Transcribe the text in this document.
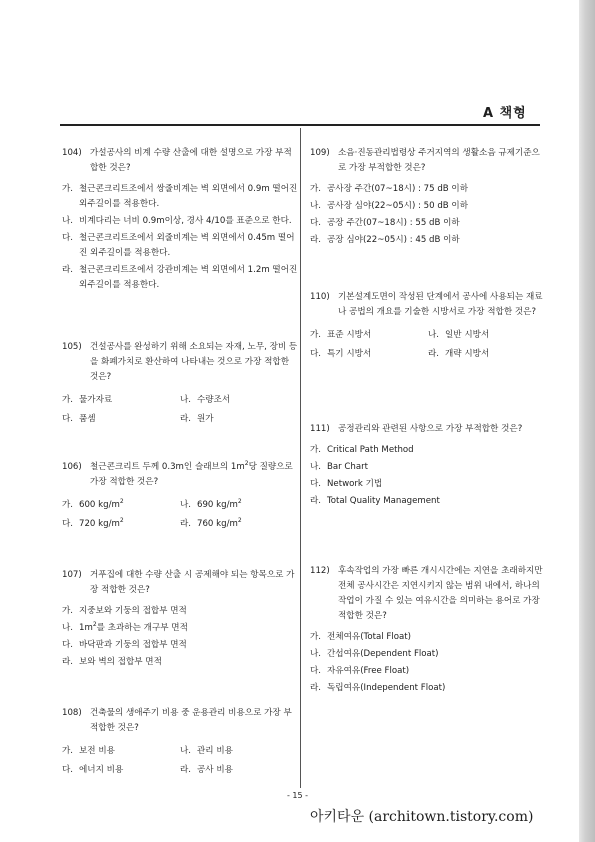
A 책형
104) 가설공사의 비계 수량 산출에 대한 설명으로 가장 부적합한 것은?
가. 철근콘크리트조에서 쌍줄비계는 벽 외면에서 0.9m 떨어진 외주길이를 적용한다.
나. 비계다리는 너비 0.9m이상, 경사 4/10를 표준으로 한다.
다. 철근콘크리트조에서 외줄비계는 벽 외면에서 0.45m 떨어진 외주길이를 적용한다.
라. 철근콘크리트조에서 강관비계는 벽 외면에서 1.2m 떨어진 외주길이를 적용한다.
105) 건설공사를 완성하기 위해 소요되는 자재, 노무, 장비 등을 화폐가치로 환산하여 나타내는 것으로 가장 적합한 것은?
가. 물가자료	나. 수량조서
다. 품셈	라. 원가
106) 철근콘크리트 두께 0.3m인 슬래브의 $1m^2$당 질량으로 가장 적합한 것은?
가. 600 $kg/m^2$	나. 690 $kg/m^2$
다. 720 $kg/m^2$	라. 760 $kg/m^2$
107) 거푸집에 대한 수량 산출 시 공제해야 되는 항목으로 가장 적합한 것은?
가. 지중보와 기둥의 접합부 면적
나. $1m^2$를 초과하는 개구부 면적
다. 바닥판과 기둥의 접합부 면적
라. 보와 벽의 접합부 면적
108) 건축물의 생애주기 비용 중 운용관리 비용으로 가장 부적합한 것은?
가. 보전 비용	나. 관리 비용
다. 에너지 비용	라. 공사 비용
109) 소음·진동관리법령상 주거지역의 생활소음 규제기준으로 가장 부적합한 것은?
가. 공사장 주간(07~18시) : 75 dB 이하
나. 공사장 심야(22~05시) : 50 dB 이하
다. 공장 주간(07~18시) : 55 dB 이하
라. 공장 심야(22~05시) : 45 dB 이하
110) 기본설계도면이 작성된 단계에서 공사에 사용되는 재료나 공법의 개요를 기술한 시방서로 가장 적합한 것은?
가. 표준 시방서	나. 일반 시방서
다. 특기 시방서	라. 개략 시방서
111) 공정관리와 관련된 사항으로 가장 부적합한 것은?
가. Critical Path Method
나. Bar Chart
다. Network 기법
라. Total Quality Management
112) 후속작업의 가장 빠른 개시시간에는 지연을 초래하지만 전체 공사시간은 지연시키지 않는 범위 내에서, 하나의 작업이 가질 수 있는 여유시간을 의미하는 용어로 가장 적합한 것은?
가. 전체여유(Total Float)
나. 간섭여유(Dependent Float)
다. 자유여유(Free Float)
라. 독립여유(Independent Float)
- 15 -
아키타운 (architown.tistory.com)
